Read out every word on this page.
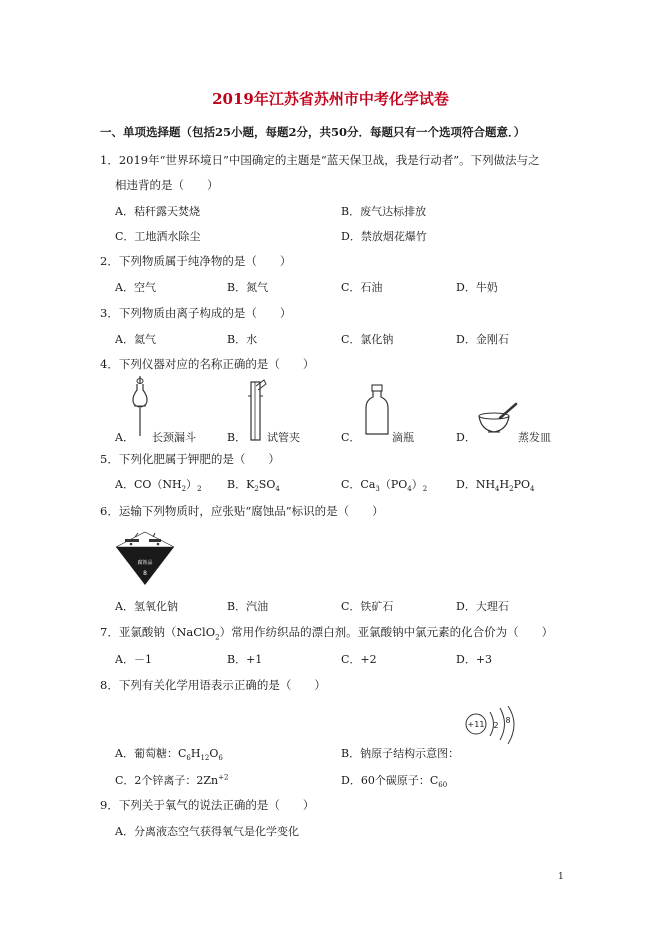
2019年江苏省苏州市中考化学试卷
一、单项选择题（包括25小题，每题2分，共50分．每题只有一个选项符合题意．）
1．2019年“世界环境日”中国确定的主题是“蓝天保卫战，我是行动者”。下列做法与之
相违背的是（　　）
A．秸秆露天焚烧	B．废气达标排放
C．工地洒水除尘	D．禁放烟花爆竹
2．下列物质属于纯净物的是（　　）
A．空气	B．氮气	C．石油	D．牛奶
3．下列物质由离子构成的是（　　）
A．氦气	B．水	C．氯化钠	D．金刚石
4．下列仪器对应的名称正确的是（　　）
A． 长颈漏斗	B． 试管夹	C．	滴瓶	D．	蒸发皿
5．下列化肥属于钾肥的是（　　）
A．$CO(NH_2)_2$ B．$K_2SO_4$	C．$Ca_3(PO_4)_2$	D．$NH_4H_2PO_4$
6．运输下列物质时，应张贴“腐蚀品”标识的是（　　）
腐蚀品
8
A．氢氧化钠	B．汽油	C．铁矿石	D．大理石
7．亚氯酸钠（NaClO$_2$）常用作纺织品的漂白剂。亚氯酸钠中氯元素的化合价为（　　）
A．－1	B．+1	C．+2	D．+3
8．下列有关化学用语表示正确的是（　　）
+11 2
8
A．葡萄糖：$C_6H_{12}O_6$	B．钠原子结构示意图：
C．2个锌离子：$2Zn^{+2}$	D．60个碳原子：$C_{60}$
9．下列关于氧气的说法正确的是（　　）
A．分离液态空气获得氧气是化学变化
1
